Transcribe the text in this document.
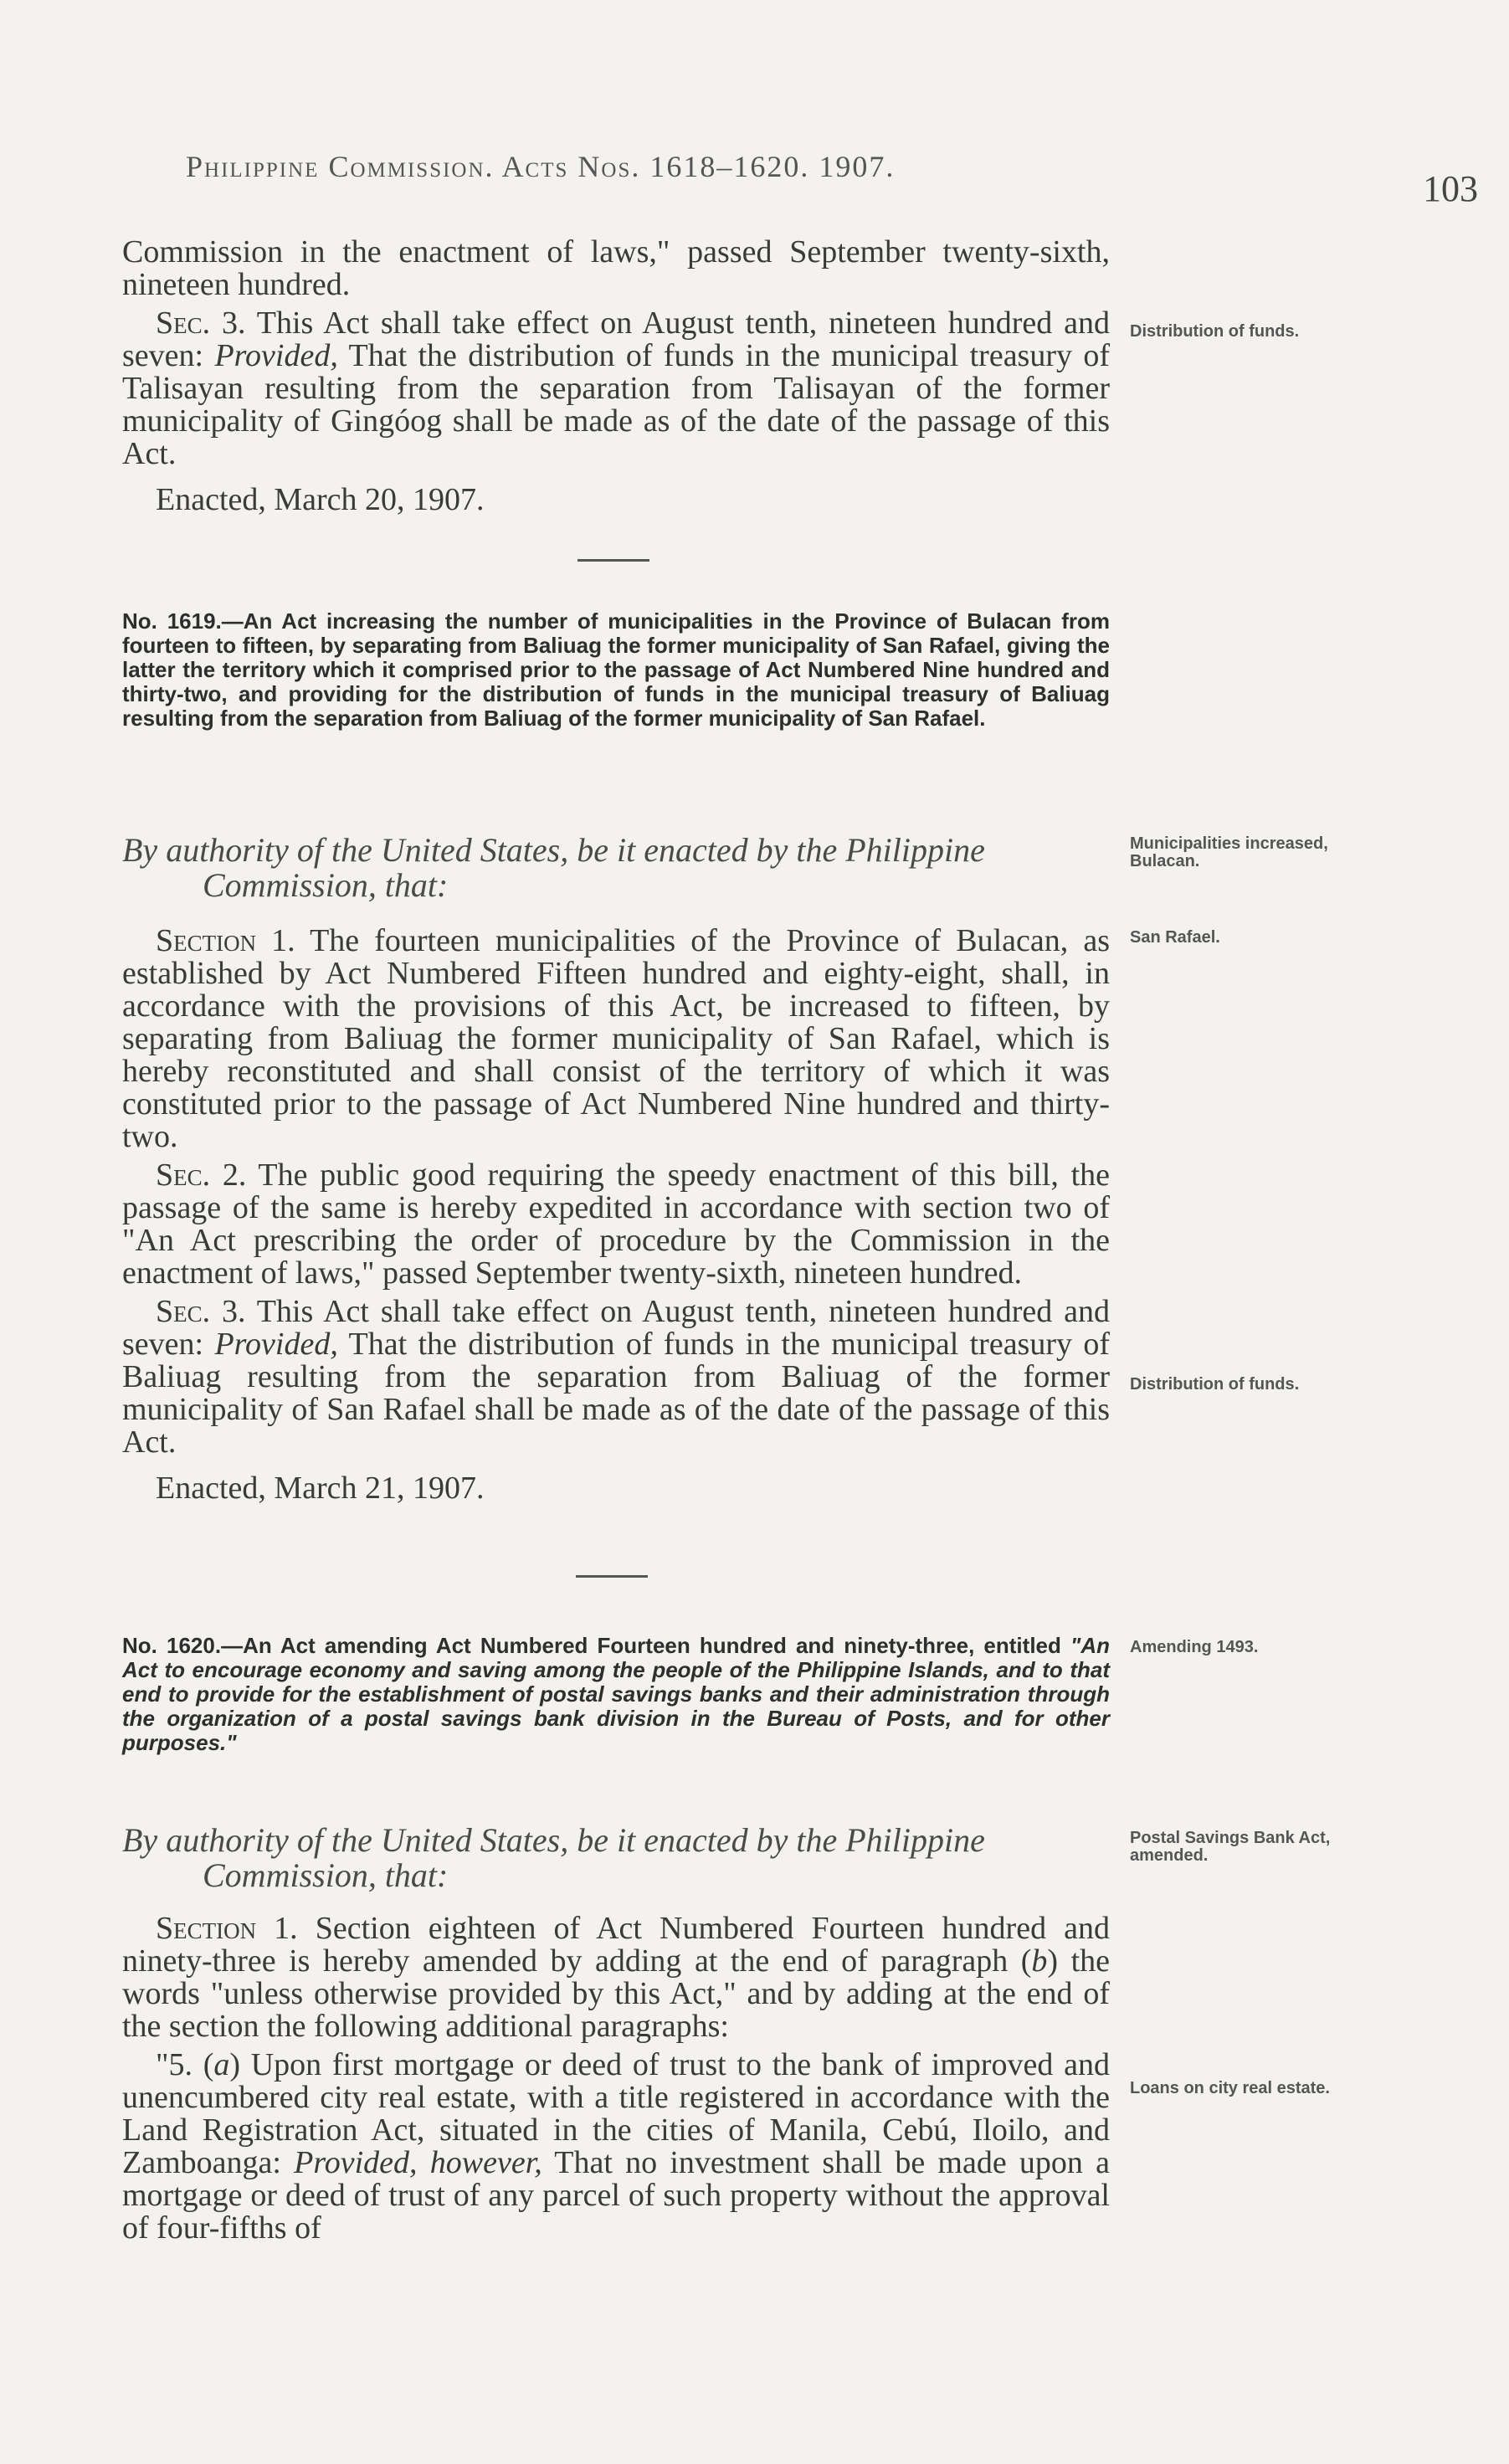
Philippine Commission. Acts Nos. 1618–1620. 1907.
103

Commission in the enactment of laws," passed September twenty-sixth, nineteen hundred.

Sec. 3. This Act shall take effect on August tenth, nineteen hundred and seven: Provided, That the distribution of funds in the municipal treasury of Talisayan resulting from the separation from Talisayan of the former municipality of Gingóog shall be made as of the date of the passage of this Act.

Enacted, March 20, 1907.

Distribution of funds.
No. 1619.—An Act increasing the number of municipalities in the Province of Bulacan from fourteen to fifteen, by separating from Baliuag the former municipality of San Rafael, giving the latter the territory which it comprised prior to the passage of Act Numbered Nine hundred and thirty-two, and providing for the distribution of funds in the municipal treasury of Baliuag resulting from the separation from Baliuag of the former municipality of San Rafael.
By authority of the United States, be it enacted by the Philippine
Commission, that:
Municipalities increased, Bulacan.

Section 1. The fourteen municipalities of the Province of Bulacan, as established by Act Numbered Fifteen hundred and eighty-eight, shall, in accordance with the provisions of this Act, be increased to fifteen, by separating from Baliuag the former municipality of San Rafael, which is hereby reconstituted and shall consist of the territory of which it was constituted prior to the passage of Act Numbered Nine hundred and thirty-two.

Sec. 2. The public good requiring the speedy enactment of this bill, the passage of the same is hereby expedited in accordance with section two of "An Act prescribing the order of procedure by the Commission in the enactment of laws," passed September twenty-sixth, nineteen hundred.

Sec. 3. This Act shall take effect on August tenth, nineteen hundred and seven: Provided, That the distribution of funds in the municipal treasury of Baliuag resulting from the separation from Baliuag of the former municipality of San Rafael shall be made as of the date of the passage of this Act.

Enacted, March 21, 1907.

San Rafael.
Distribution of funds.
No. 1620.—An Act amending Act Numbered Fourteen hundred and ninety-three, entitled "An Act to encourage economy and saving among the people of the Philippine Islands, and to that end to provide for the establishment of postal savings banks and their administration through the organization of a postal savings bank division in the Bureau of Posts, and for other purposes."
Amending 1493.
By authority of the United States, be it enacted by the Philippine
Commission, that:
Postal Savings Bank Act, amended.

Section 1. Section eighteen of Act Numbered Fourteen hundred and ninety-three is hereby amended by adding at the end of paragraph (b) the words "unless otherwise provided by this Act," and by adding at the end of the section the following additional paragraphs:

"5. (a) Upon first mortgage or deed of trust to the bank of improved and unencumbered city real estate, with a title registered in accordance with the Land Registration Act, situated in the cities of Manila, Cebú, Iloilo, and Zamboanga: Provided, however, That no investment shall be made upon a mortgage or deed of trust of any parcel of such property without the approval of four-fifths of

Loans on city real estate.
